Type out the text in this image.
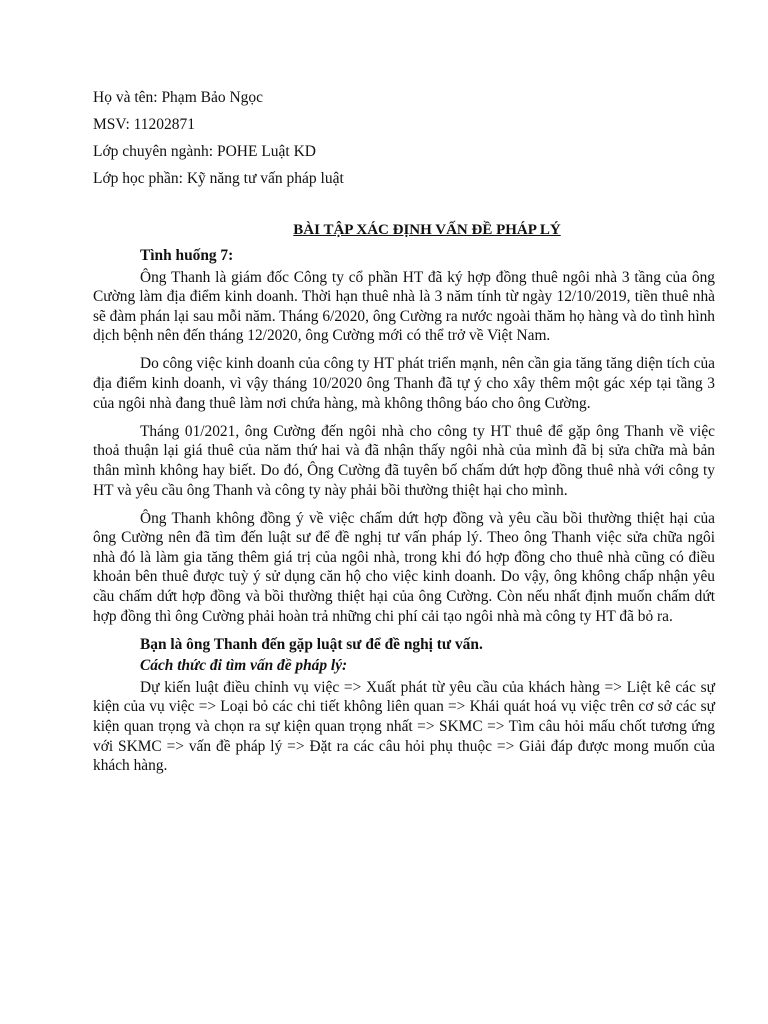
Họ và tên: Phạm Bảo Ngọc
MSV: 11202871
Lớp chuyên ngành: POHE Luật KD
Lớp học phần: Kỹ năng tư vấn pháp luật
BÀI TẬP XÁC ĐỊNH VẤN ĐỀ PHÁP LÝ

Tình huống 7:

Ông Thanh là giám đốc Công ty cổ phần HT đã ký hợp đồng thuê ngôi nhà 3 tầng của ông Cường làm địa điểm kinh doanh. Thời hạn thuê nhà là 3 năm tính từ ngày 12/10/2019, tiền thuê nhà sẽ đàm phán lại sau mỗi năm. Tháng 6/2020, ông Cường ra nước ngoài thăm họ hàng và do tình hình dịch bệnh nên đến tháng 12/2020, ông Cường mới có thể trở về Việt Nam.

Do công việc kinh doanh của công ty HT phát triển mạnh, nên cần gia tăng tăng diện tích của địa điểm kinh doanh, vì vậy tháng 10/2020 ông Thanh đã tự ý cho xây thêm một gác xép tại tầng 3 của ngôi nhà đang thuê làm nơi chứa hàng, mà không thông báo cho ông Cường.

Tháng 01/2021, ông Cường đến ngôi nhà cho công ty HT thuê để gặp ông Thanh về việc thoả thuận lại giá thuê của năm thứ hai và đã nhận thấy ngôi nhà của mình đã bị sửa chữa mà bản thân mình không hay biết. Do đó, Ông Cường đã tuyên bố chấm dứt hợp đồng thuê nhà với công ty HT và yêu cầu ông Thanh và công ty này phải bồi thường thiệt hại cho mình.

Ông Thanh không đồng ý về việc chấm dứt hợp đồng và yêu cầu bồi thường thiệt hại của ông Cường nên đã tìm đến luật sư để đề nghị tư vấn pháp lý. Theo ông Thanh việc sửa chữa ngôi nhà đó là làm gia tăng thêm giá trị của ngôi nhà, trong khi đó hợp đồng cho thuê nhà cũng có điều khoản bên thuê được tuỳ ý sử dụng căn hộ cho việc kinh doanh. Do vậy, ông không chấp nhận yêu cầu chấm dứt hợp đồng và bồi thường thiệt hại của ông Cường. Còn nếu nhất định muốn chấm dứt hợp đồng thì ông Cường phải hoàn trả những chi phí cải tạo ngôi nhà mà công ty HT đã bỏ ra.

Bạn là ông Thanh đến gặp luật sư để đề nghị tư vấn.

Cách thức đi tìm vấn đề pháp lý:

Dự kiến luật điều chỉnh vụ việc => Xuất phát từ yêu cầu của khách hàng => Liệt kê các sự kiện của vụ việc => Loại bỏ các chi tiết không liên quan => Khái quát hoá vụ việc trên cơ sở các sự kiện quan trọng và chọn ra sự kiện quan trọng nhất => SKMC => Tìm câu hỏi mấu chốt tương ứng với SKMC => vấn đề pháp lý => Đặt ra các câu hỏi phụ thuộc => Giải đáp được mong muốn của khách hàng.
